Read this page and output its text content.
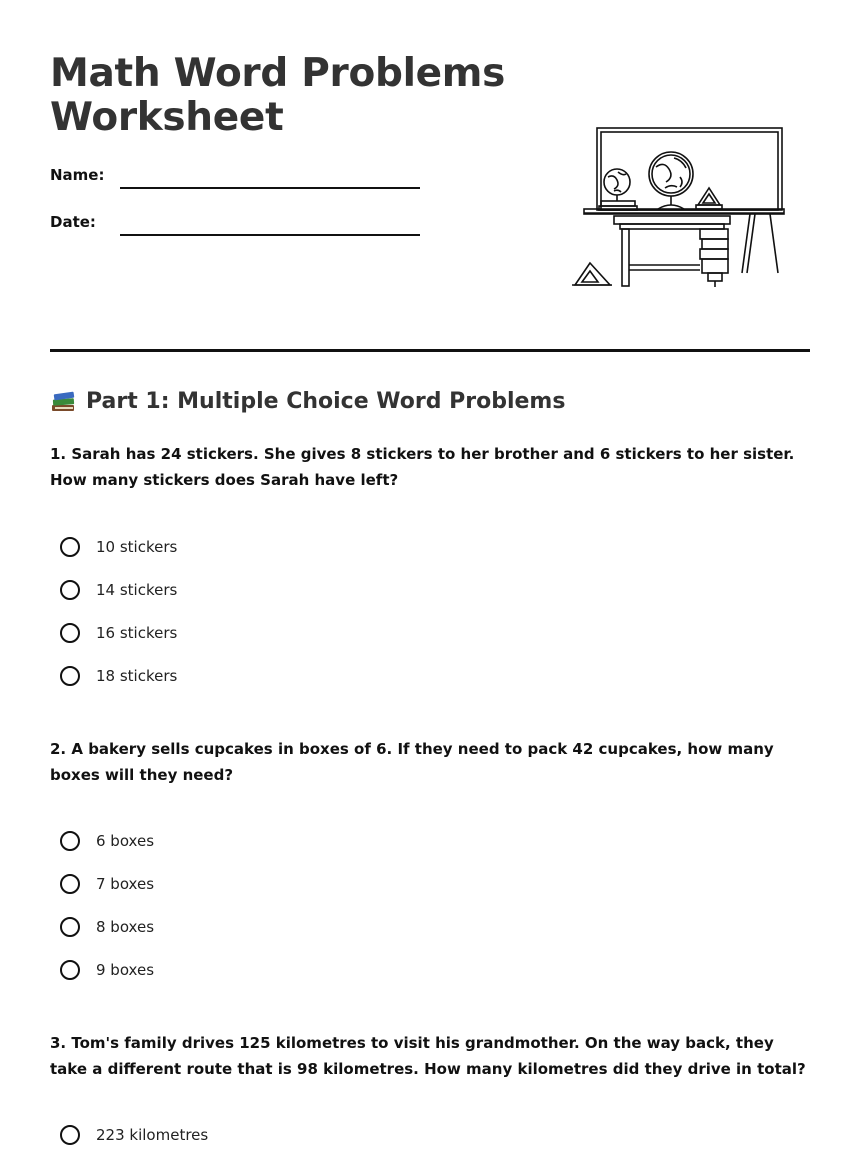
Math Word Problems
Worksheet
Name:
Date:
Part 1: Multiple Choice Word Problems
1. Sarah has 24 stickers. She gives 8 stickers to her brother and 6 stickers to her sister. How many stickers does Sarah have left?
10 stickers
14 stickers
16 stickers
18 stickers
2. A bakery sells cupcakes in boxes of 6. If they need to pack 42 cupcakes, how many boxes will they need?
6 boxes
7 boxes
8 boxes
9 boxes
3. Tom's family drives 125 kilometres to visit his grandmother. On the way back, they take a different route that is 98 kilometres. How many kilometres did they drive in total?
223 kilometres
